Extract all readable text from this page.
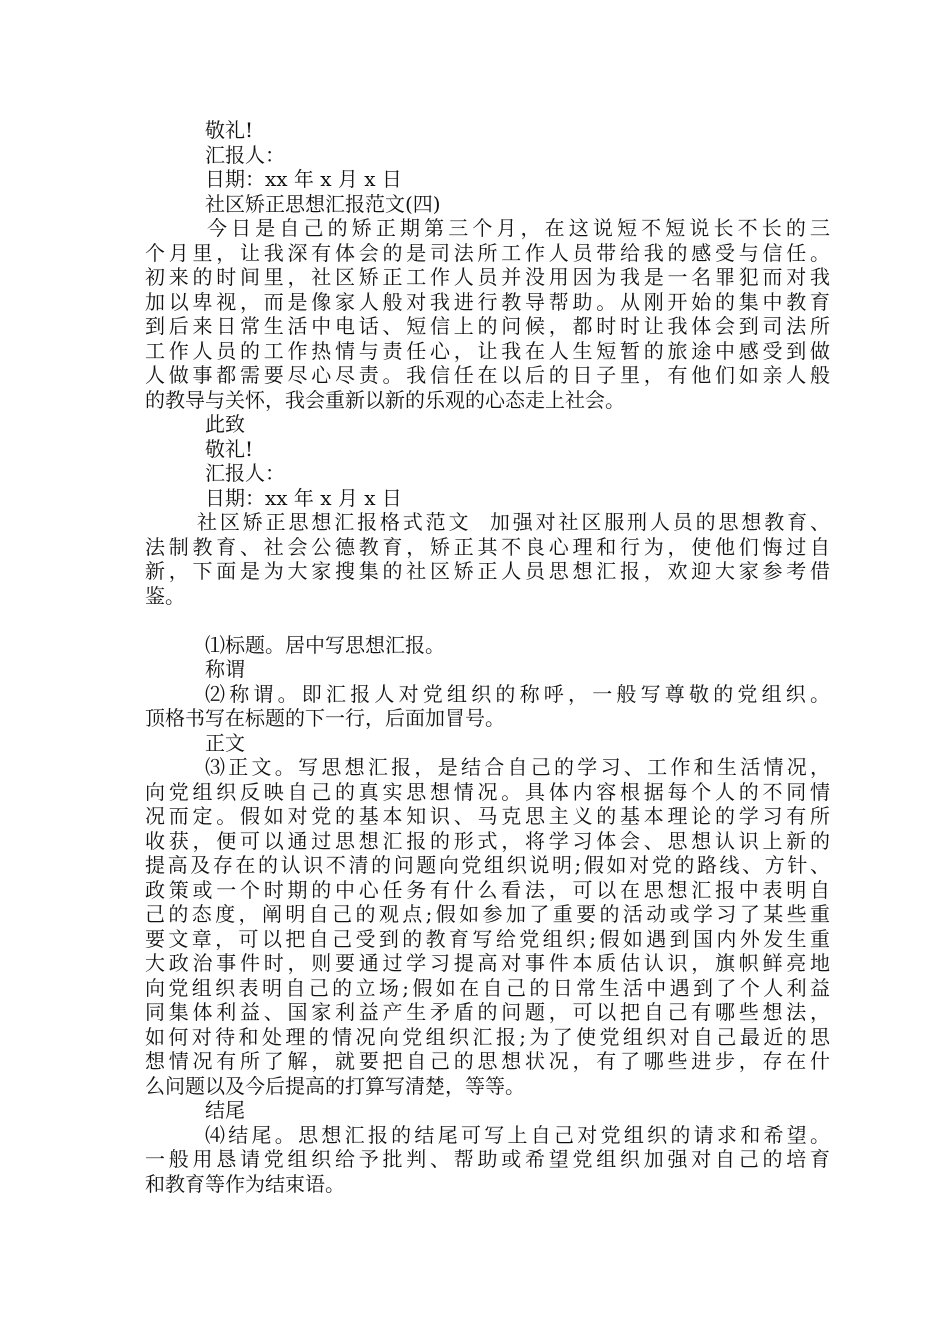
敬礼!
汇报人：
日期：xx 年 x 月 x 日
社区矫正思想汇报范文(四)
今日是自己的矫正期第三个月，在这说短不短说长不长的三
个月里，让我深有体会的是司法所工作人员带给我的感受与信任。
初来的时间里，社区矫正工作人员并没用因为我是一名罪犯而对我
加以卑视，而是像家人般对我进行教导帮助。从刚开始的集中教育
到后来日常生活中电话、短信上的问候，都时时让我体会到司法所
工作人员的工作热情与责任心，让我在人生短暂的旅途中感受到做
人做事都需要尽心尽责。我信任在以后的日子里，有他们如亲人般
的教导与关怀，我会重新以新的乐观的心态走上社会。
此致
敬礼!
汇报人：
日期：xx 年 x 月 x 日
社区矫正思想汇报格式范文  加强对社区服刑人员的思想教育、
法制教育、社会公德教育，矫正其不良心理和行为，使他们悔过自
新，下面是为大家搜集的社区矫正人员思想汇报，欢迎大家参考借
鉴。
⑴标题。居中写思想汇报。
称谓
⑵称谓。即汇报人对党组织的称呼，一般写尊敬的党组织。
顶格书写在标题的下一行，后面加冒号。
正文
⑶正文。写思想汇报，是结合自己的学习、工作和生活情况，
向党组织反映自己的真实思想情况。具体内容根据每个人的不同情
况而定。假如对党的基本知识、马克思主义的基本理论的学习有所
收获，便可以通过思想汇报的形式，将学习体会、思想认识上新的
提高及存在的认识不清的问题向党组织说明;假如对党的路线、方针、
政策或一个时期的中心任务有什么看法，可以在思想汇报中表明自
己的态度，阐明自己的观点;假如参加了重要的活动或学习了某些重
要文章，可以把自己受到的教育写给党组织;假如遇到国内外发生重
大政治事件时，则要通过学习提高对事件本质估认识，旗帜鲜亮地
向党组织表明自己的立场;假如在自己的日常生活中遇到了个人利益
同集体利益、国家利益产生矛盾的问题，可以把自己有哪些想法，
如何对待和处理的情况向党组织汇报;为了使党组织对自己最近的思
想情况有所了解，就要把自己的思想状况，有了哪些进步，存在什
么问题以及今后提高的打算写清楚，等等。
结尾
⑷结尾。思想汇报的结尾可写上自己对党组织的请求和希望。
一般用恳请党组织给予批判、帮助或希望党组织加强对自己的培育
和教育等作为结束语。
